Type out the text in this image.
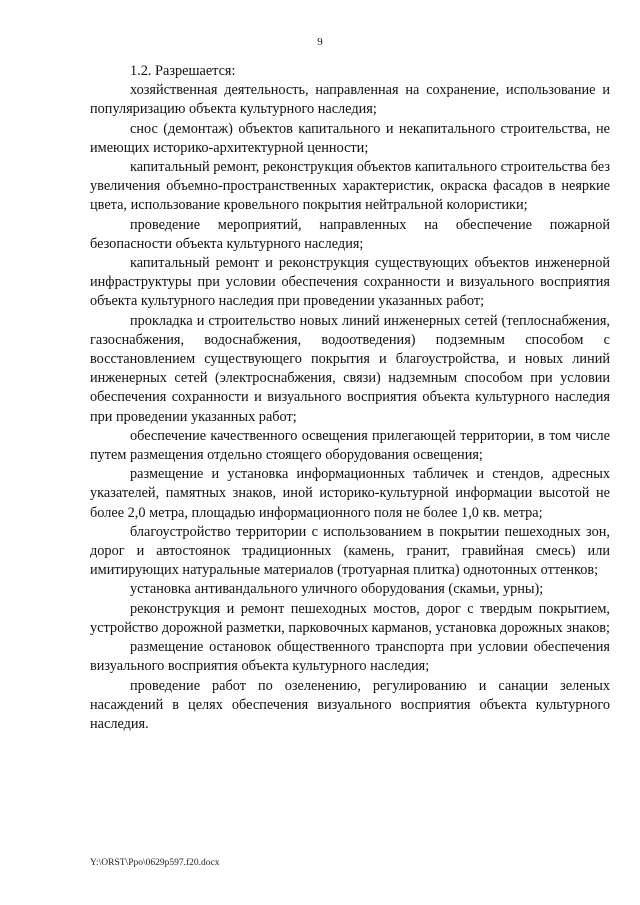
9

1.2. Разрешается:

хозяйственная деятельность, направленная на сохранение, использование и популяризацию объекта культурного наследия;

снос (демонтаж) объектов капитального и некапитального строительства, не имеющих историко-архитектурной ценности;

капитальный ремонт, реконструкция объектов капитального строительства без увеличения объемно-пространственных характеристик, окраска фасадов в неяркие цвета, использование кровельного покрытия нейтральной колористики;

проведение мероприятий, направленных на обеспечение пожарной безопасности объекта культурного наследия;

капитальный ремонт и реконструкция существующих объектов инженерной инфраструктуры при условии обеспечения сохранности и визуального восприятия объекта культурного наследия при проведении указанных работ;

прокладка и строительство новых линий инженерных сетей (теплоснабжения, газоснабжения, водоснабжения, водоотведения) подземным способом с восстановлением существующего покрытия и благоустройства, и новых линий инженерных сетей (электроснабжения, связи) надземным способом при условии обеспечения сохранности и визуального восприятия объекта культурного наследия при проведении указанных работ;

обеспечение качественного освещения прилегающей территории, в том числе путем размещения отдельно стоящего оборудования освещения;

размещение и установка информационных табличек и стендов, адресных указателей, памятных знаков, иной историко-культурной информации высотой не более 2,0 метра, площадью информационного поля не более 1,0 кв. метра;

благоустройство территории с использованием в покрытии пешеходных зон, дорог и автостоянок традиционных (камень, гранит, гравийная смесь) или имитирующих натуральные материалов (тротуарная плитка) однотонных оттенков;

установка антивандального уличного оборудования (скамьи, урны);

реконструкция и ремонт пешеходных мостов, дорог с твердым покрытием, устройство дорожной разметки, парковочных карманов, установка дорожных знаков;

размещение остановок общественного транспорта при условии обеспечения визуального восприятия объекта культурного наследия;

проведение работ по озеленению, регулированию и санации зеленых насаждений в целях обеспечения визуального восприятия объекта культурного наследия.

Y:\ORST\Ppo\0629p597.f20.docx
